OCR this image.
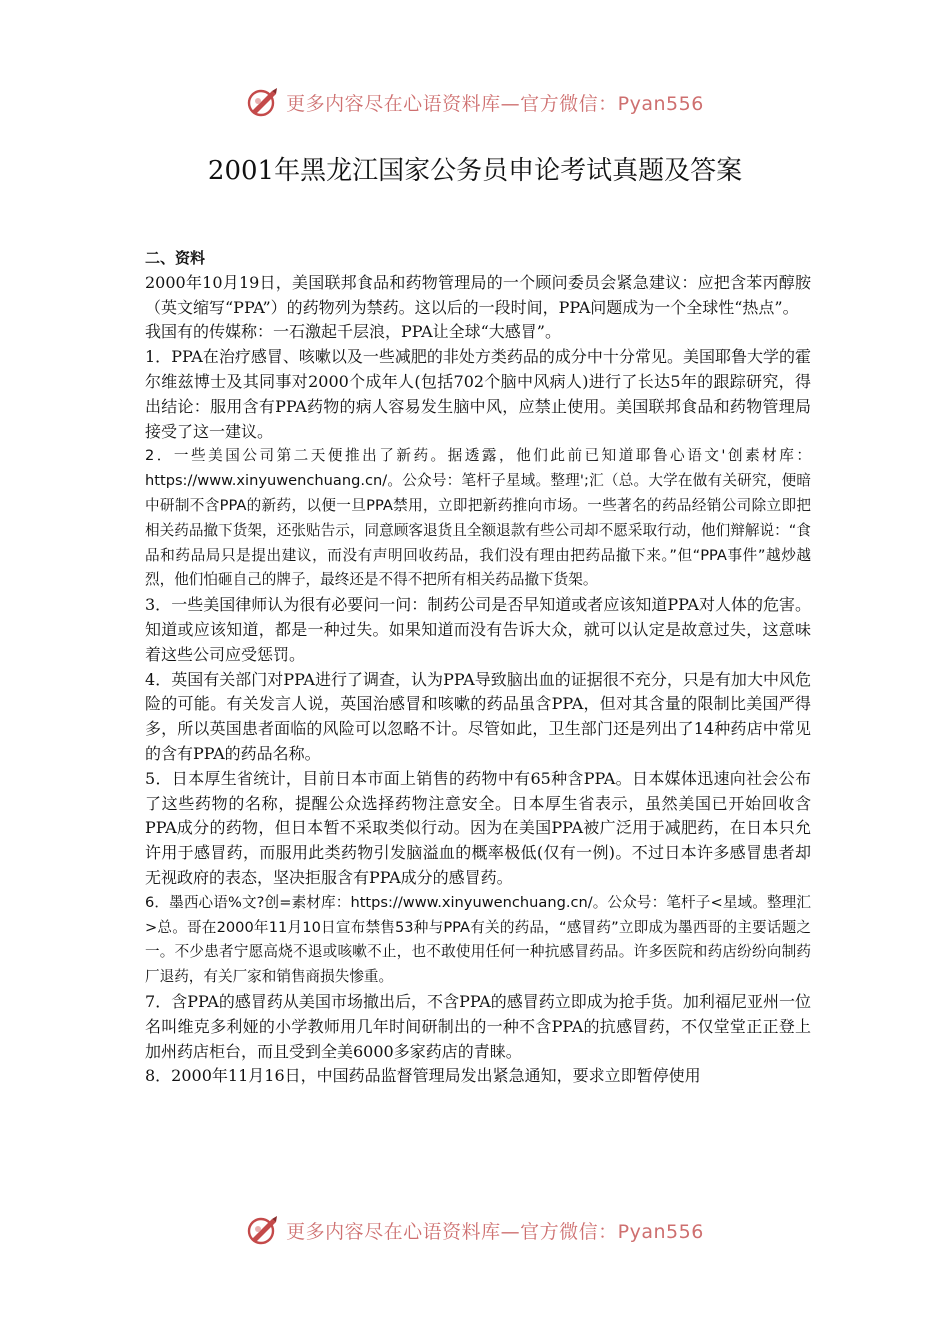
更多内容尽在心语资料库—官方微信：Pyan556
2001年黑龙江国家公务员申论考试真题及答案

二、资料

2000年10月19日，美国联邦食品和药物管理局的一个顾问委员会紧急建议：应把含苯丙醇胺（英文缩写“PPA”）的药物列为禁药。这以后的一段时间，PPA问题成为一个全球性“热点”。

我国有的传媒称：一石激起千层浪，PPA让全球“大感冒”。

1．PPA在治疗感冒、咳嗽以及一些减肥的非处方类药品的成分中十分常见。美国耶鲁大学的霍尔维兹博士及其同事对2000个成年人(包括702个脑中风病人)进行了长达5年的跟踪研究，得出结论：服用含有PPA药物的病人容易发生脑中风，应禁止使用。美国联邦食品和药物管理局接受了这一建议。

2．一些美国公司第二天便推出了新药。据透露，他们此前已知道耶鲁心语文'创素材库：https://www.xinyuwenchuang.cn/。公众号：笔杆子星域。整理';汇（总。大学在做有关研究，便暗中研制不含PPA的新药，以便一旦PPA禁用，立即把新药推向市场。一些著名的药品经销公司除立即把相关药品撤下货架，还张贴告示，同意顾客退货且全额退款有些公司却不愿采取行动，他们辩解说：“食品和药品局只是提出建议，而没有声明回收药品，我们没有理由把药品撤下来。”但“PPA事件”越炒越烈，他们怕砸自己的牌子，最终还是不得不把所有相关药品撤下货架。

3．一些美国律师认为很有必要问一问：制药公司是否早知道或者应该知道PPA对人体的危害。知道或应该知道，都是一种过失。如果知道而没有告诉大众，就可以认定是故意过失，这意味着这些公司应受惩罚。

4．英国有关部门对PPA进行了调查，认为PPA导致脑出血的证据很不充分，只是有加大中风危险的可能。有关发言人说，英国治感冒和咳嗽的药品虽含PPA，但对其含量的限制比美国严得多，所以英国患者面临的风险可以忽略不计。尽管如此，卫生部门还是列出了14种药店中常见的含有PPA的药品名称。

5．日本厚生省统计，目前日本市面上销售的药物中有65种含PPA。日本媒体迅速向社会公布了这些药物的名称，提醒公众选择药物注意安全。日本厚生省表示，虽然美国已开始回收含PPA成分的药物，但日本暂不采取类似行动。因为在美国PPA被广泛用于减肥药，在日本只允许用于感冒药，而服用此类药物引发脑溢血的概率极低(仅有一例)。不过日本许多感冒患者却无视政府的表态，坚决拒服含有PPA成分的感冒药。

6．墨西心语%文?创=素材库：https://www.xinyuwenchuang.cn/。公众号：笔杆子<星域。整理汇>总。哥在2000年11月10日宣布禁售53种与PPA有关的药品，“感冒药”立即成为墨西哥的主要话题之一。不少患者宁愿高烧不退或咳嗽不止，也不敢使用任何一种抗感冒药品。许多医院和药店纷纷向制药厂退药，有关厂家和销售商损失惨重。

7．含PPA的感冒药从美国市场撤出后，不含PPA的感冒药立即成为抢手货。加利福尼亚州一位名叫维克多利娅的小学教师用几年时间研制出的一种不含PPA的抗感冒药，不仅堂堂正正登上加州药店柜台，而且受到全美6000多家药店的青睐。

8．2000年11月16日，中国药品监督管理局发出紧急通知，要求立即暂停使用

更多内容尽在心语资料库—官方微信：Pyan556
